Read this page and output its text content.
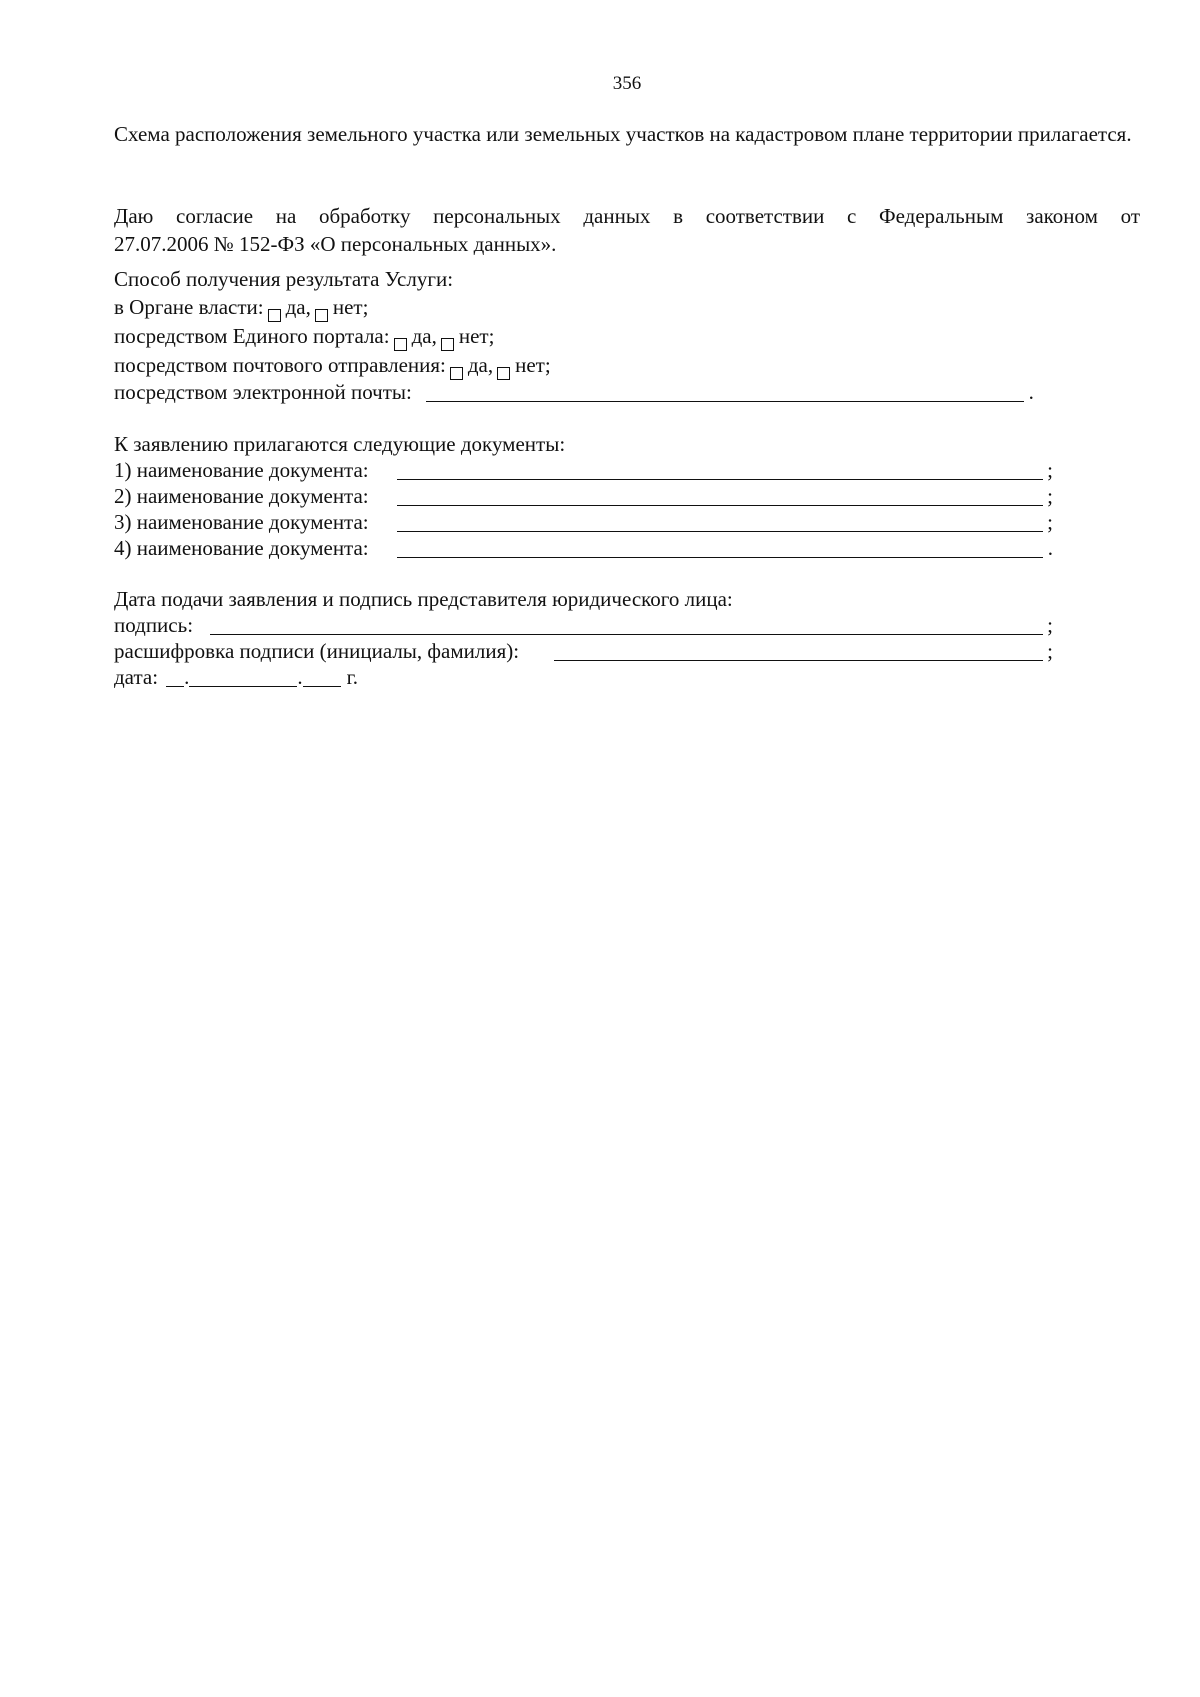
356

Схема расположения земельного участка или земельных участков на кадастровом плане территории прилагается.

Даю согласие на обработку персональных данных в соответствии с Федеральным законом от
27.07.2006 № 152-ФЗ «О персональных данных».
Способ получения результата Услуги:
в Органе власти: да, нет;
посредством Единого портала: да, нет;
посредством почтового отправления: да, нет;
посредством электронной почты:	.
К заявлению прилагаются следующие документы:
1) наименование документа:	;
2) наименование документа:	;
3) наименование документа:	;
4) наименование документа:	.
Дата подачи заявления и подпись представителя юридического лица:
подпись:	;
расшифровка подписи (инициалы, фамилия):	;
дата: .	. г.
